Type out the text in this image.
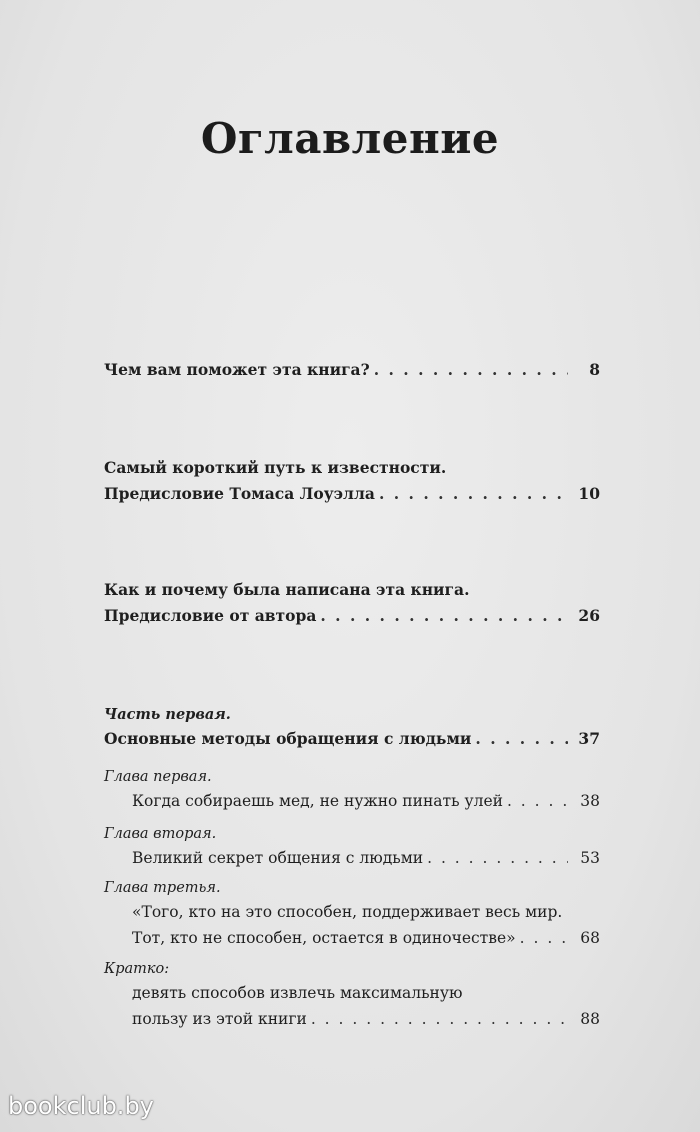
Оглавление
Чем вам поможет эта книга? . . .	8
Самый короткий путь к известности.
Предисловие Томаса Лоуэлла . . .	10
Как и почему была написана эта книга.
Предисловие от автора . . .	26
Часть первая.
Основные методы обращения с людьми . . .	37
Глава первая.
Когда собираешь мед, не нужно пинать улей . . .	38
Глава вторая.
Великий секрет общения с людьми . . .	53
Глава третья.
«Того, кто на это способен, поддерживает весь мир.
Тот, кто не способен, остается в одиночестве» . . .	68
Кратко:
девять способов извлечь максимальную
пользу из этой книги . . .	88
bookclub.by
